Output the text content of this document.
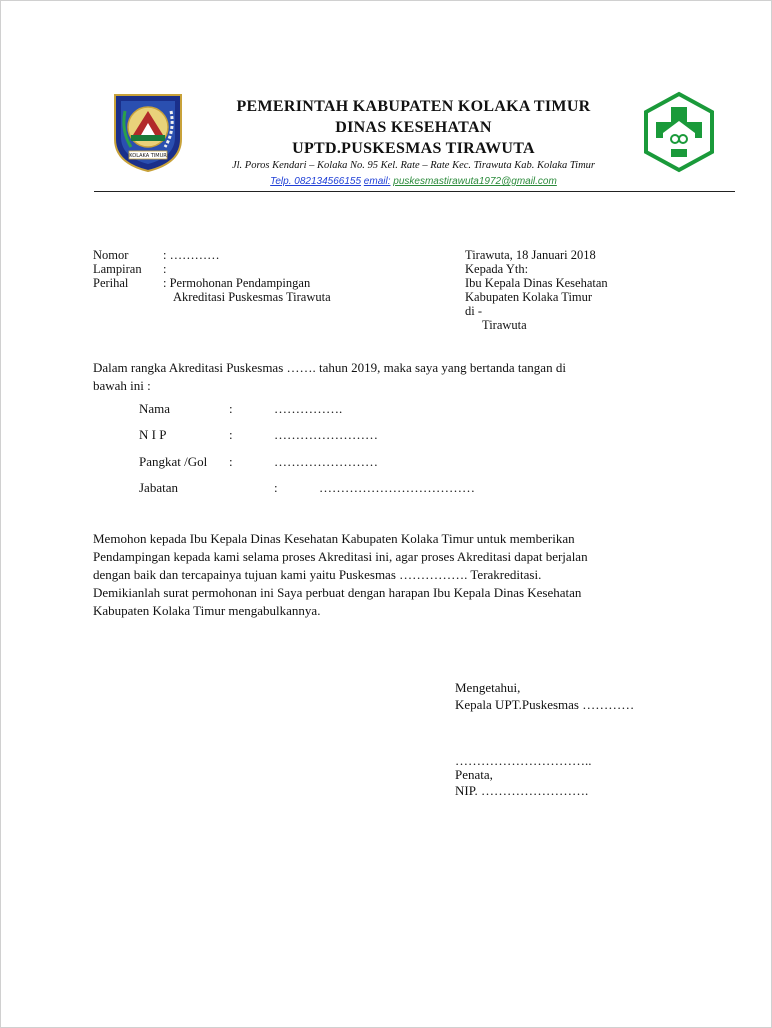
KOLAKA TIMUR
PEMERINTAH KABUPATEN KOLAKA TIMUR
DINAS KESEHATAN
UPTD.PUSKESMAS TIRAWUTA
Jl. Poros Kendari – Kolaka No. 95 Kel. Rate – Rate Kec. Tirawuta Kab. Kolaka Timur
Telp. 082134566155 email: puskesmastirawuta1972@gmail.com
Nomor	: …………
Lampiran :
Perihal	: Permohonan Pendampingan
Akreditasi Puskesmas Tirawuta
Tirawuta, 18 Januari 2018
Kepada Yth:
Ibu Kepala Dinas Kesehatan
Kabupaten Kolaka Timur
di -
Tirawuta
Dalam rangka Akreditasi Puskesmas ……. tahun 2019, maka saya yang bertanda tangan di
bawah ini :
Nama	:	…………….
N I P	:	……………………
Pangkat /Gol :	……………………
Jabatan	:	………………………………
Memohon kepada Ibu Kepala Dinas Kesehatan Kabupaten Kolaka Timur untuk memberikan
Pendampingan kepada kami selama proses Akreditasi ini, agar proses Akreditasi dapat berjalan
dengan baik dan tercapainya tujuan kami yaitu Puskesmas ……………. Terakreditasi.
Demikianlah surat permohonan ini Saya perbuat dengan harapan Ibu Kepala Dinas Kesehatan
Kabupaten Kolaka Timur mengabulkannya.
Mengetahui,
Kepala UPT.Puskesmas …………
…………………………..
Penata,
NIP. …………………….
